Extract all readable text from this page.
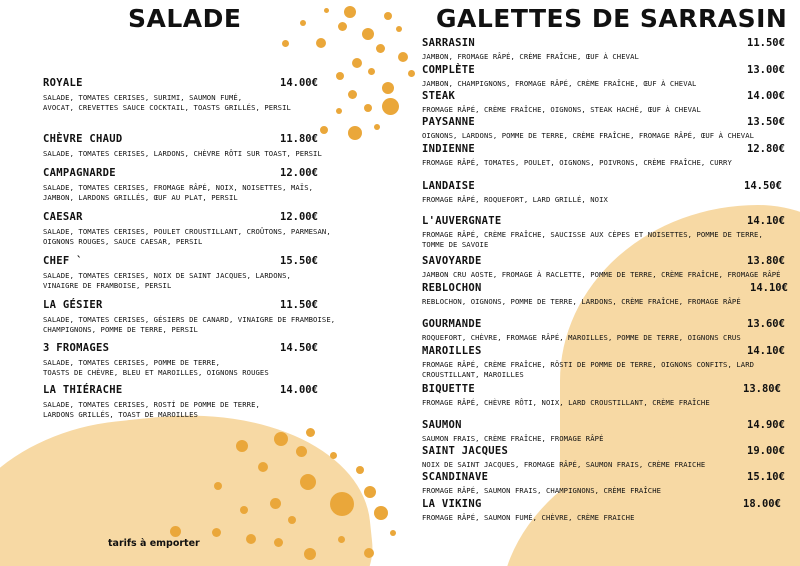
SALADE	GALETTES DE SARRASIN
ROYALE	14.00€
SALADE, TOMATES CERISES, SURIMI, SAUMON FUMÉ,
AVOCAT, CREVETTES SAUCE COCKTAIL, TOASTS GRILLÉS, PERSIL
CHÈVRE CHAUD	11.80€
SALADE, TOMATES CERISES, LARDONS, CHÈVRE RÔTI SUR TOAST, PERSIL
CAMPAGNARDE	12.00€
SALADE, TOMATES CERISES, FROMAGE RÂPÉ, NOIX, NOISETTES, MAÏS,
JAMBON, LARDONS GRILLÉS, ŒUF AU PLAT, PERSIL
CAESAR	12.00€
SALADE, TOMATES CERISES, POULET CROUSTILLANT, CROÛTONS, PARMESAN,
OIGNONS ROUGES, SAUCE CAESAR, PERSIL
CHEF `	15.50€
SALADE, TOMATES CERISES, NOIX DE SAINT JACQUES, LARDONS,
VINAIGRE DE FRAMBOISE, PERSIL
LA GÉSIER	11.50€
SALADE, TOMATES CERISES, GÉSIERS DE CANARD, VINAIGRE DE FRAMBOISE,
CHAMPIGNONS, POMME DE TERRE, PERSIL
3 FROMAGES	14.50€
SALADE, TOMATES CERISES, POMME DE TERRE,
TOASTS DE CHÈVRE, BLEU ET MAROILLES, OIGNONS ROUGES
LA THIÉRACHE	14.00€
SALADE, TOMATES CERISES, ROSTÍ DE POMME DE TERRE,
LARDONS GRILLÉS, TOAST DE MAROILLES
SARRASIN	11.50€
JAMBON, FROMAGE RÂPÉ, CRÈME FRAÎCHE, ŒUF À CHEVAL
COMPLÈTE	13.00€
JAMBON, CHAMPIGNONS, FROMAGE RÂPÉ, CRÈME FRAÎCHE, ŒUF À CHEVAL
STEAK	14.00€
FROMAGE RÂPÉ, CRÈME FRAÎCHE, OIGNONS, STEAK HACHÉ, ŒUF À CHEVAL
PAYSANNE	13.50€
OIGNONS, LARDONS, POMME DE TERRE, CRÈME FRAÎCHE, FROMAGE RÂPÉ, ŒUF À CHEVAL
INDIENNE	12.80€
FROMAGE RÂPÉ, TOMATES, POULET, OIGNONS, POIVRONS, CRÈME FRAÎCHE, CURRY
LANDAISE	14.50€
FROMAGE RÂPÉ, ROQUEFORT, LARD GRILLÉ, NOIX
L'AUVERGNATE	14.10€
FROMAGE RÂPÉ, CRÈME FRAÎCHE, SAUCISSE AUX CÈPES ET NOISETTES, POMME DE TERRE,
TOMME DE SAVOIE
SAVOYARDE	13.80€
JAMBON CRU AOSTE, FROMAGE À RACLETTE, POMME DE TERRE, CRÈME FRAÎCHE, FROMAGE RÂPÉ
REBLOCHON	14.10€
REBLOCHON, OIGNONS, POMME DE TERRE, LARDONS, CRÈME FRAÎCHE, FROMAGE RÂPÉ
GOURMANDE	13.60€
ROQUEFORT, CHÈVRE, FROMAGE RÂPÉ, MAROILLES, POMME DE TERRE, OIGNONS CRUS
MAROILLES	14.10€
FROMAGE RÂPÉ, CRÈME FRAÎCHE, RÖSTI DE POMME DE TERRE, OIGNONS CONFITS, LARD
CROUSTILLANT, MAROILLES
BIQUETTE	13.80€
FROMAGE RÂPÉ, CHÈVRE RÔTI, NOIX, LARD CROUSTILLANT, CRÈME FRAÎCHE
SAUMON	14.90€
SAUMON FRAIS, CRÈME FRAÎCHE, FROMAGE RÂPÉ
SAINT JACQUES	19.00€
NOIX DE SAINT JACQUES, FROMAGE RÂPÉ, SAUMON FRAIS, CRÈME FRAICHE
SCANDINAVE	15.10€
FROMAGE RÂPÉ, SAUMON FRAIS, CHAMPIGNONS, CRÈME FRAÎCHE
LA VIKING	18.00€
FROMAGE RÂPÉ, SAUMON FUMÉ, CHÈVRE, CRÈME FRAICHE
tarifs à emporter
